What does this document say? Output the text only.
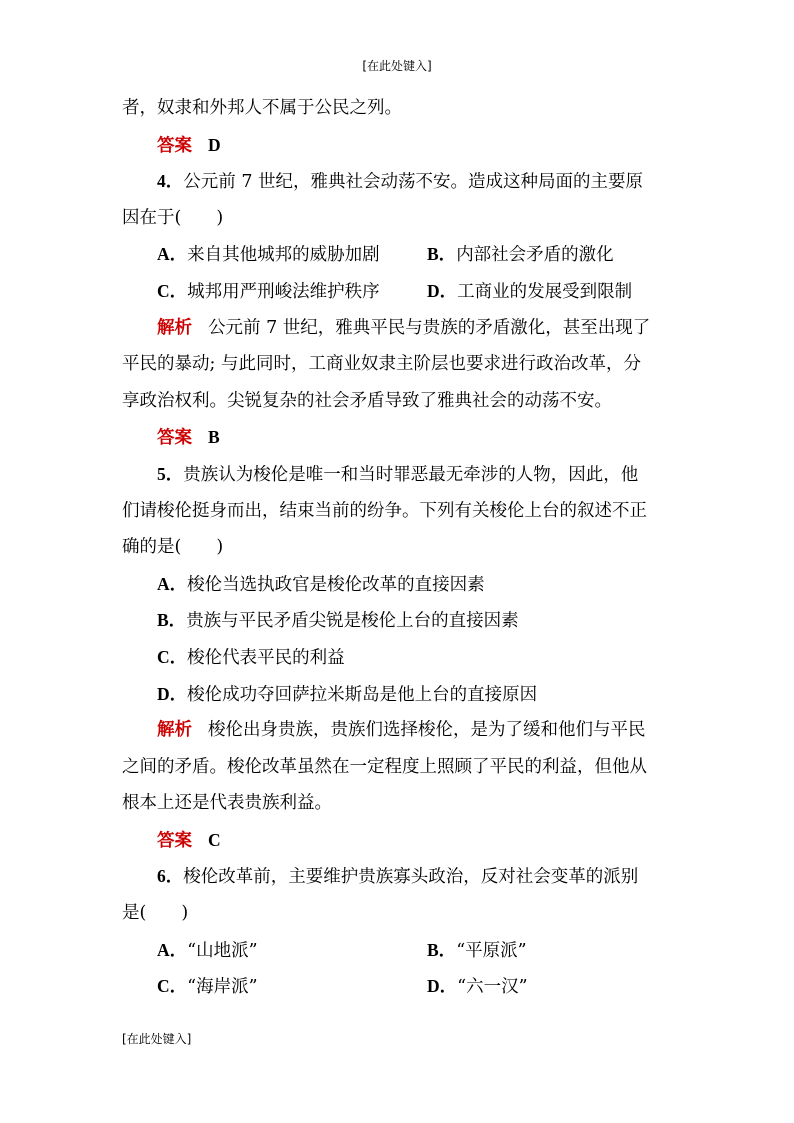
[在此处键入]
者，奴隶和外邦人不属于公民之列。
答案 D
4．公元前 7 世纪，雅典社会动荡不安。造成这种局面的主要原
因在于(　　)
A．来自其他城邦的威胁加剧	B．内部社会矛盾的激化
C．城邦用严刑峻法维护秩序	D．工商业的发展受到限制
解析 公元前 7 世纪，雅典平民与贵族的矛盾激化，甚至出现了
平民的暴动; 与此同时，工商业奴隶主阶层也要求进行政治改革，分
享政治权利。尖锐复杂的社会矛盾导致了雅典社会的动荡不安。
答案 B
5．贵族认为梭伦是唯一和当时罪恶最无牵涉的人物，因此，他
们请梭伦挺身而出，结束当前的纷争。下列有关梭伦上台的叙述不正
确的是(　　)
A．梭伦当选执政官是梭伦改革的直接因素
B．贵族与平民矛盾尖锐是梭伦上台的直接因素
C．梭伦代表平民的利益
D．梭伦成功夺回萨拉米斯岛是他上台的直接原因
解析 梭伦出身贵族，贵族们选择梭伦，是为了缓和他们与平民
之间的矛盾。梭伦改革虽然在一定程度上照顾了平民的利益，但他从
根本上还是代表贵族利益。
答案 C
6．梭伦改革前，主要维护贵族寡头政治，反对社会变革的派别
是(　　)
A．“山地派”	B．“平原派”
C．“海岸派”	D．“六一汉”
[在此处键入]
